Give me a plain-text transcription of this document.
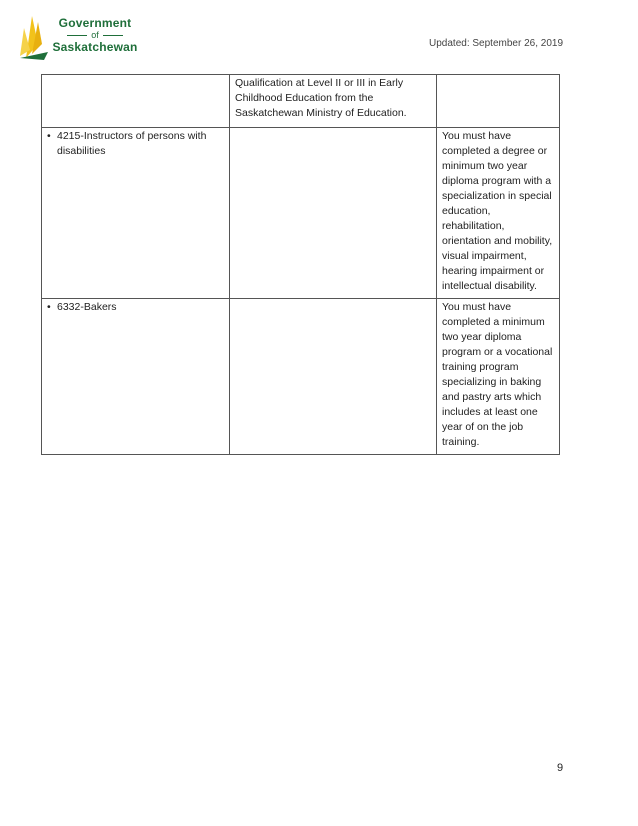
Government
of
Saskatchewan	Updated: September 26, 2019
	Qualification at Level II or III in Early Childhood Education from the Saskatchewan Ministry of Education.	

• 4215-Instructors of persons with disabilities		You must have completed a degree or minimum two year diploma program with a specialization in special education, rehabilitation, orientation and mobility, visual impairment, hearing impairment or intellectual disability.

• 6332-Bakers		You must have completed a minimum two year diploma program or a vocational training program specializing in baking and pastry arts which includes at least one year of on the job training.
9
